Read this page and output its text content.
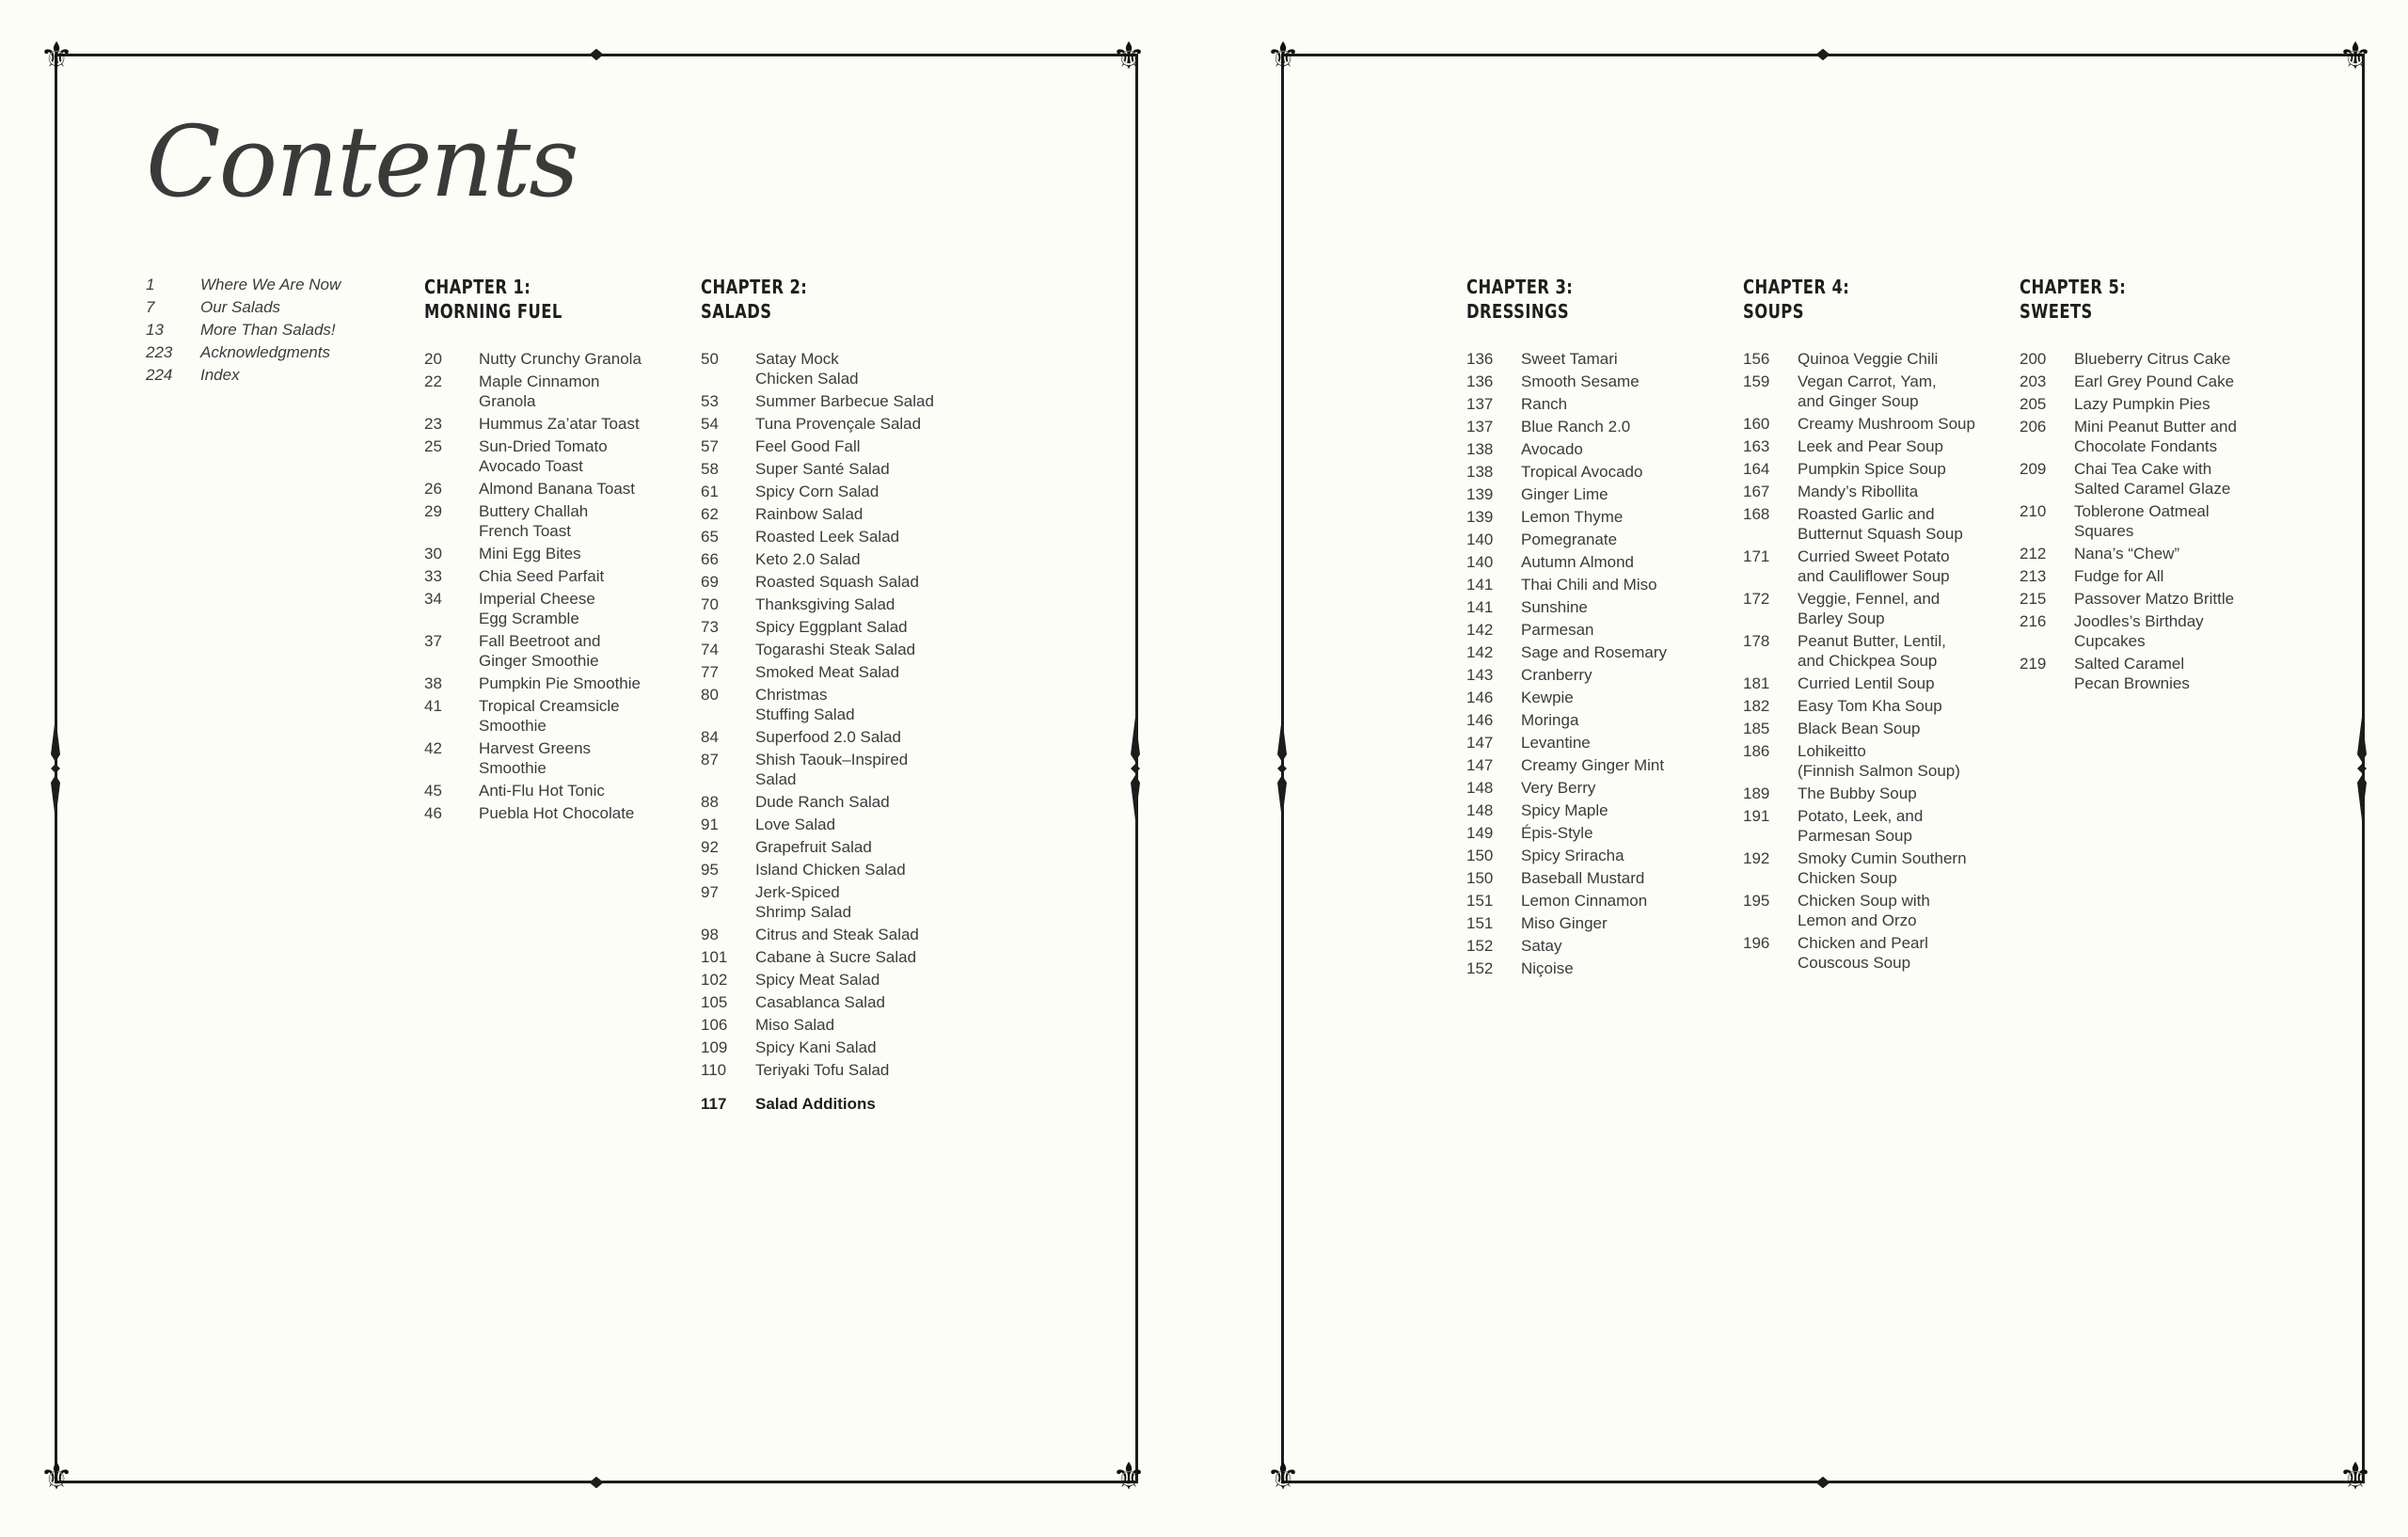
⚜	⚜
⚜	⚜
⚜	⚜
⚜	⚜
Contents
1	Where We Are Now
7	Our Salads
13	More Than Salads!
223	Acknowledgments
224	Index
CHAPTER 1:
MORNING FUEL
20	Nutty Crunchy Granola
22	Maple Cinnamon
Granola
23	Hummus Za’atar Toast
25	Sun-Dried Tomato
Avocado Toast
26	Almond Banana Toast
29	Buttery Challah
French Toast
30	Mini Egg Bites
33	Chia Seed Parfait
34	Imperial Cheese
Egg Scramble
37	Fall Beetroot and
Ginger Smoothie
38	Pumpkin Pie Smoothie
41	Tropical Creamsicle
Smoothie
42	Harvest Greens
Smoothie
45	Anti-Flu Hot Tonic
46	Puebla Hot Chocolate
CHAPTER 2:
SALADS
50	Satay Mock
Chicken Salad
53	Summer Barbecue Salad
54	Tuna Provençale Salad
57	Feel Good Fall
58	Super Santé Salad
61	Spicy Corn Salad
62	Rainbow Salad
65	Roasted Leek Salad
66	Keto 2.0 Salad
69	Roasted Squash Salad
70	Thanksgiving Salad
73	Spicy Eggplant Salad
74	Togarashi Steak Salad
77	Smoked Meat Salad
80	Christmas
Stuffing Salad
84	Superfood 2.0 Salad
87	Shish Taouk–Inspired
Salad
88	Dude Ranch Salad
91	Love Salad
92	Grapefruit Salad
95	Island Chicken Salad
97	Jerk-Spiced
Shrimp Salad
98	Citrus and Steak Salad
101	Cabane à Sucre Salad
102	Spicy Meat Salad
105	Casablanca Salad
106	Miso Salad
109	Spicy Kani Salad
110	Teriyaki Tofu Salad
117	Salad Additions
CHAPTER 3:
DRESSINGS
136	Sweet Tamari
136	Smooth Sesame
137	Ranch
137	Blue Ranch 2.0
138	Avocado
138	Tropical Avocado
139	Ginger Lime
139	Lemon Thyme
140	Pomegranate
140	Autumn Almond
141	Thai Chili and Miso
141	Sunshine
142	Parmesan
142	Sage and Rosemary
143	Cranberry
146	Kewpie
146	Moringa
147	Levantine
147	Creamy Ginger Mint
148	Very Berry
148	Spicy Maple
149	Épis-Style
150	Spicy Sriracha
150	Baseball Mustard
151	Lemon Cinnamon
151	Miso Ginger
152	Satay
152	Niçoise
CHAPTER 4:
SOUPS
156	Quinoa Veggie Chili
159	Vegan Carrot, Yam,
and Ginger Soup
160	Creamy Mushroom Soup
163	Leek and Pear Soup
164	Pumpkin Spice Soup
167	Mandy’s Ribollita
168	Roasted Garlic and
Butternut Squash Soup
171	Curried Sweet Potato
and Cauliflower Soup
172	Veggie, Fennel, and
Barley Soup
178	Peanut Butter, Lentil,
and Chickpea Soup
181	Curried Lentil Soup
182	Easy Tom Kha Soup
185	Black Bean Soup
186	Lohikeitto
(Finnish Salmon Soup)
189	The Bubby Soup
191	Potato, Leek, and
Parmesan Soup
192	Smoky Cumin Southern
Chicken Soup
195	Chicken Soup with
Lemon and Orzo
196	Chicken and Pearl
Couscous Soup
CHAPTER 5:
SWEETS
200	Blueberry Citrus Cake
203	Earl Grey Pound Cake
205	Lazy Pumpkin Pies
206	Mini Peanut Butter and
Chocolate Fondants
209	Chai Tea Cake with
Salted Caramel Glaze
210	Toblerone Oatmeal
Squares
212	Nana’s “Chew”
213	Fudge for All
215	Passover Matzo Brittle
216	Joodles’s Birthday
Cupcakes
219	Salted Caramel
Pecan Brownies
